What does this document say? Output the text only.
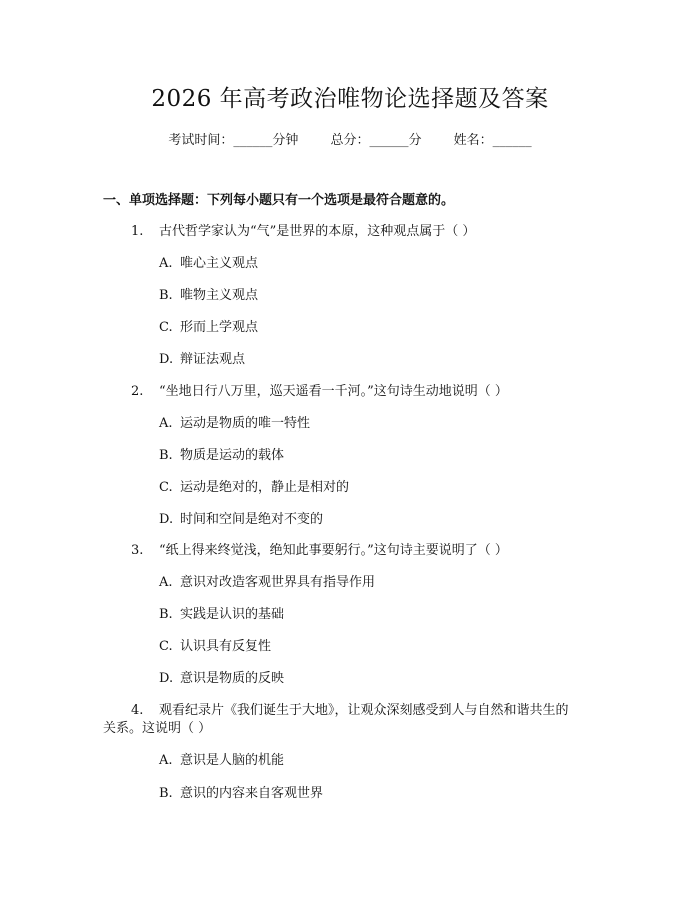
2026 年高考政治唯物论选择题及答案
考试时间：______分钟 总分：______分 姓名：______
一、单项选择题：下列每小题只有一个选项是最符合题意的。
1. 古代哲学家认为“气”是世界的本原，这种观点属于（ ）
A. 唯心主义观点
B. 唯物主义观点
C. 形而上学观点
D. 辩证法观点
2. “坐地日行八万里，巡天遥看一千河。”这句诗生动地说明（ ）
A. 运动是物质的唯一特性
B. 物质是运动的载体
C. 运动是绝对的，静止是相对的
D. 时间和空间是绝对不变的
3. “纸上得来终觉浅，绝知此事要躬行。”这句诗主要说明了（ ）
A. 意识对改造客观世界具有指导作用
B. 实践是认识的基础
C. 认识具有反复性
D. 意识是物质的反映
4. 观看纪录片《我们诞生于大地》，让观众深刻感受到人与自然和谐共生的
关系。这说明（ ）
A. 意识是人脑的机能
B. 意识的内容来自客观世界
